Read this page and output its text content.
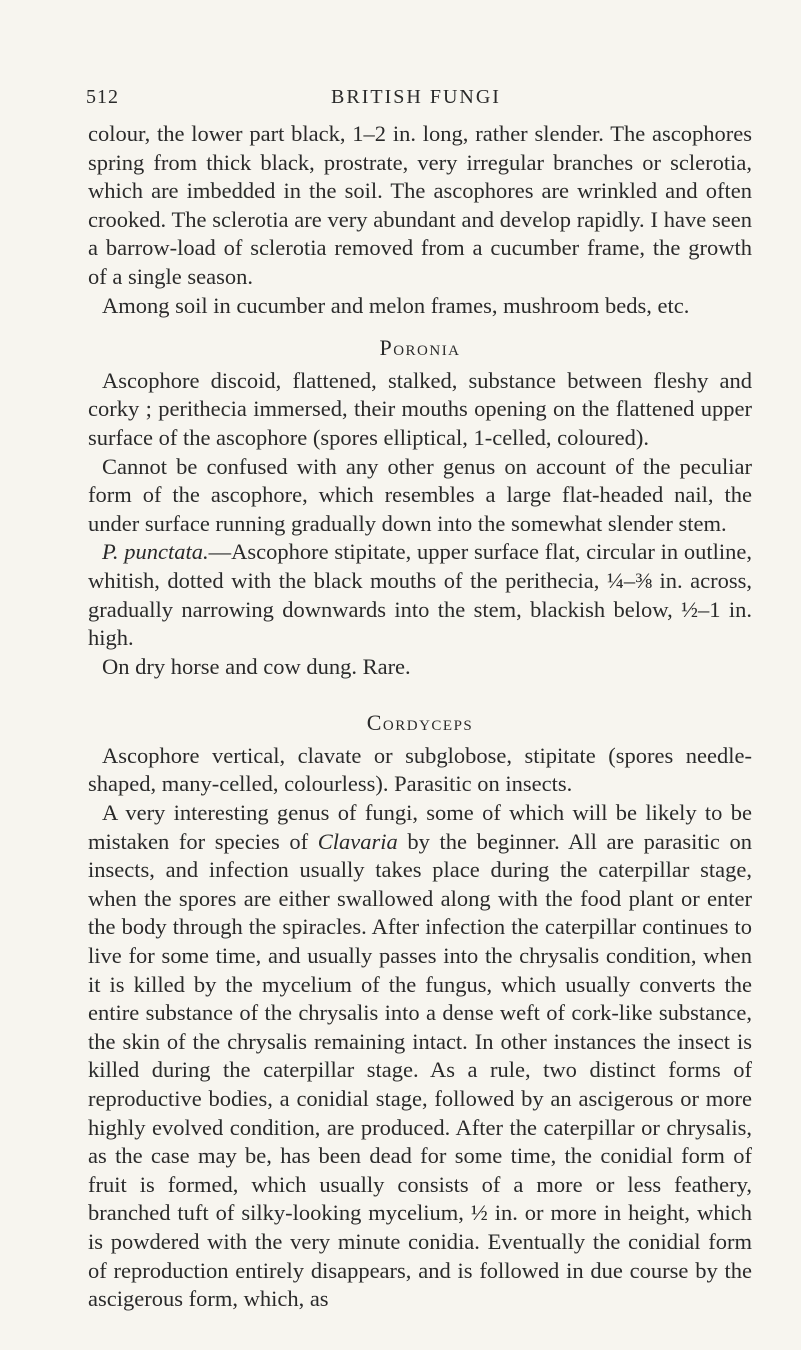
512	BRITISH FUNGI

colour, the lower part black, 1–2 in. long, rather slender. The ascophores spring from thick black, prostrate, very irregular branches or sclerotia, which are imbedded in the soil. The ascophores are wrinkled and often crooked. The sclerotia are very abundant and develop rapidly. I have seen a barrow-load of sclerotia removed from a cucumber frame, the growth of a single season.

Among soil in cucumber and melon frames, mushroom beds, etc.

Poronia

Ascophore discoid, flattened, stalked, substance between fleshy and corky ; perithecia immersed, their mouths opening on the flattened upper surface of the ascophore (spores elliptical, 1-celled, coloured).

Cannot be confused with any other genus on account of the peculiar form of the ascophore, which resembles a large flat-headed nail, the under surface running gradually down into the somewhat slender stem.

P. punctata.—Ascophore stipitate, upper surface flat, circular in outline, whitish, dotted with the black mouths of the perithecia, ¼–⅜ in. across, gradually narrowing downwards into the stem, blackish below, ½–1 in. high.

On dry horse and cow dung. Rare.

Cordyceps

Ascophore vertical, clavate or subglobose, stipitate (spores needle-shaped, many-celled, colourless). Parasitic on insects.

A very interesting genus of fungi, some of which will be likely to be mistaken for species of Clavaria by the beginner. All are parasitic on insects, and infection usually takes place during the caterpillar stage, when the spores are either swallowed along with the food plant or enter the body through the spiracles. After infection the caterpillar continues to live for some time, and usually passes into the chrysalis condition, when it is killed by the mycelium of the fungus, which usually converts the entire substance of the chrysalis into a dense weft of cork-like substance, the skin of the chrysalis remaining intact. In other instances the insect is killed during the caterpillar stage. As a rule, two distinct forms of reproductive bodies, a conidial stage, followed by an ascigerous or more highly evolved condition, are produced. After the caterpillar or chrysalis, as the case may be, has been dead for some time, the conidial form of fruit is formed, which usually consists of a more or less feathery, branched tuft of silky-looking mycelium, ½ in. or more in height, which is powdered with the very minute conidia. Eventually the conidial form of reproduction entirely disappears, and is followed in due course by the ascigerous form, which, as
